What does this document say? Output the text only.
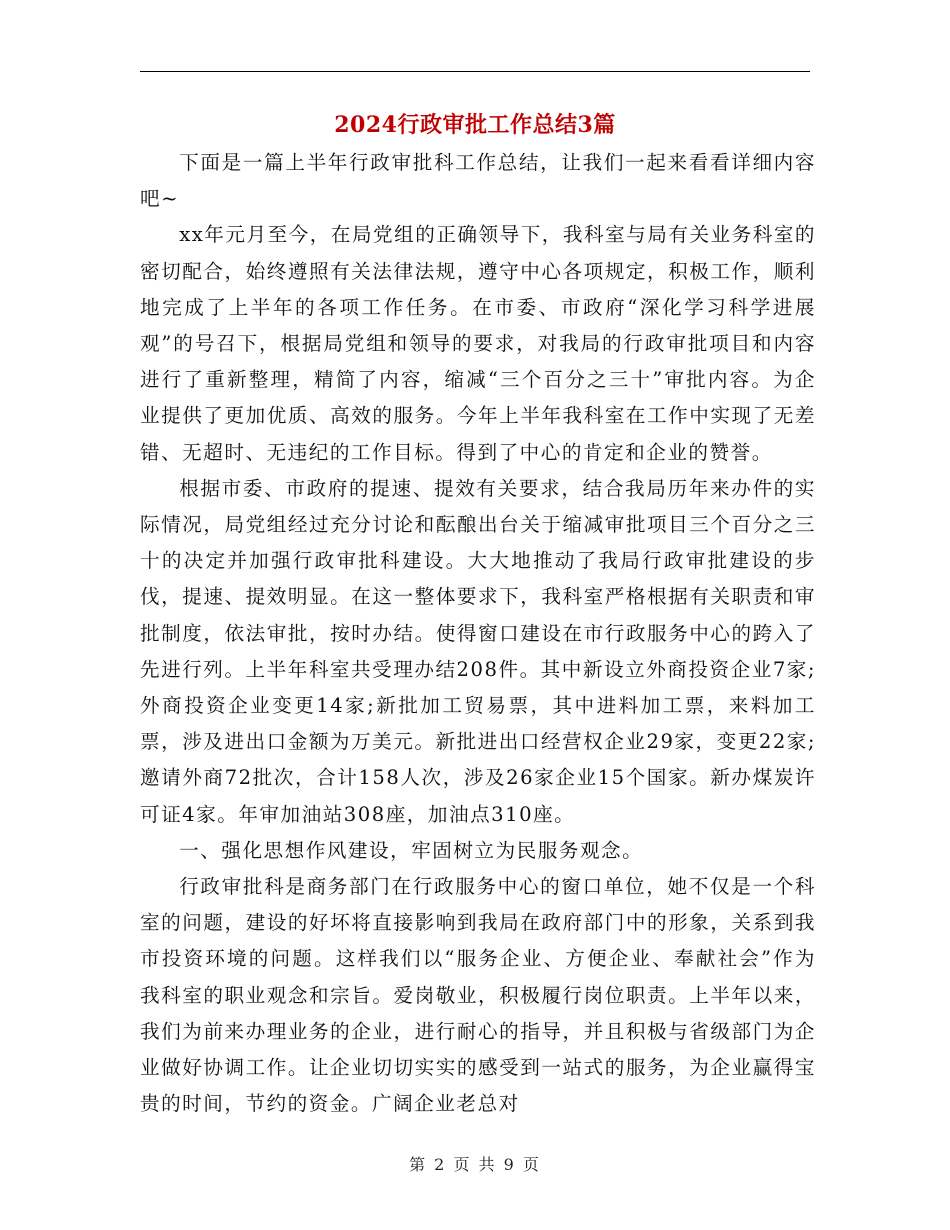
2024行政审批工作总结3篇

下面是一篇上半年行政审批科工作总结，让我们一起来看看详细内容吧~

xx年元月至今，在局党组的正确领导下，我科室与局有关业务科室的密切配合，始终遵照有关法律法规，遵守中心各项规定，积极工作，顺利地完成了上半年的各项工作任务。在市委、市政府“深化学习科学进展观”的号召下，根据局党组和领导的要求，对我局的行政审批项目和内容进行了重新整理，精简了内容，缩减“三个百分之三十”审批内容。为企业提供了更加优质、高效的服务。今年上半年我科室在工作中实现了无差错、无超时、无违纪的工作目标。得到了中心的肯定和企业的赞誉。

根据市委、市政府的提速、提效有关要求，结合我局历年来办件的实际情况，局党组经过充分讨论和酝酿出台关于缩减审批项目三个百分之三十的决定并加强行政审批科建设。大大地推动了我局行政审批建设的步伐，提速、提效明显。在这一整体要求下，我科室严格根据有关职责和审批制度，依法审批，按时办结。使得窗口建设在市行政服务中心的跨入了先进行列。上半年科室共受理办结208件。其中新设立外商投资企业7家;外商投资企业变更14家;新批加工贸易票，其中进料加工票，来料加工票，涉及进出口金额为万美元。新批进出口经营权企业29家，变更22家;邀请外商72批次，合计158人次，涉及26家企业15个国家。新办煤炭许可证4家。年审加油站308座，加油点310座。

一、强化思想作风建设，牢固树立为民服务观念。

行政审批科是商务部门在行政服务中心的窗口单位，她不仅是一个科室的问题，建设的好坏将直接影响到我局在政府部门中的形象，关系到我市投资环境的问题。这样我们以“服务企业、方便企业、奉献社会”作为我科室的职业观念和宗旨。爱岗敬业，积极履行岗位职责。上半年以来，我们为前来办理业务的企业，进行耐心的指导，并且积极与省级部门为企业做好协调工作。让企业切切实实的感受到一站式的服务，为企业赢得宝贵的时间，节约的资金。广阔企业老总对

第 2 页 共 9 页
